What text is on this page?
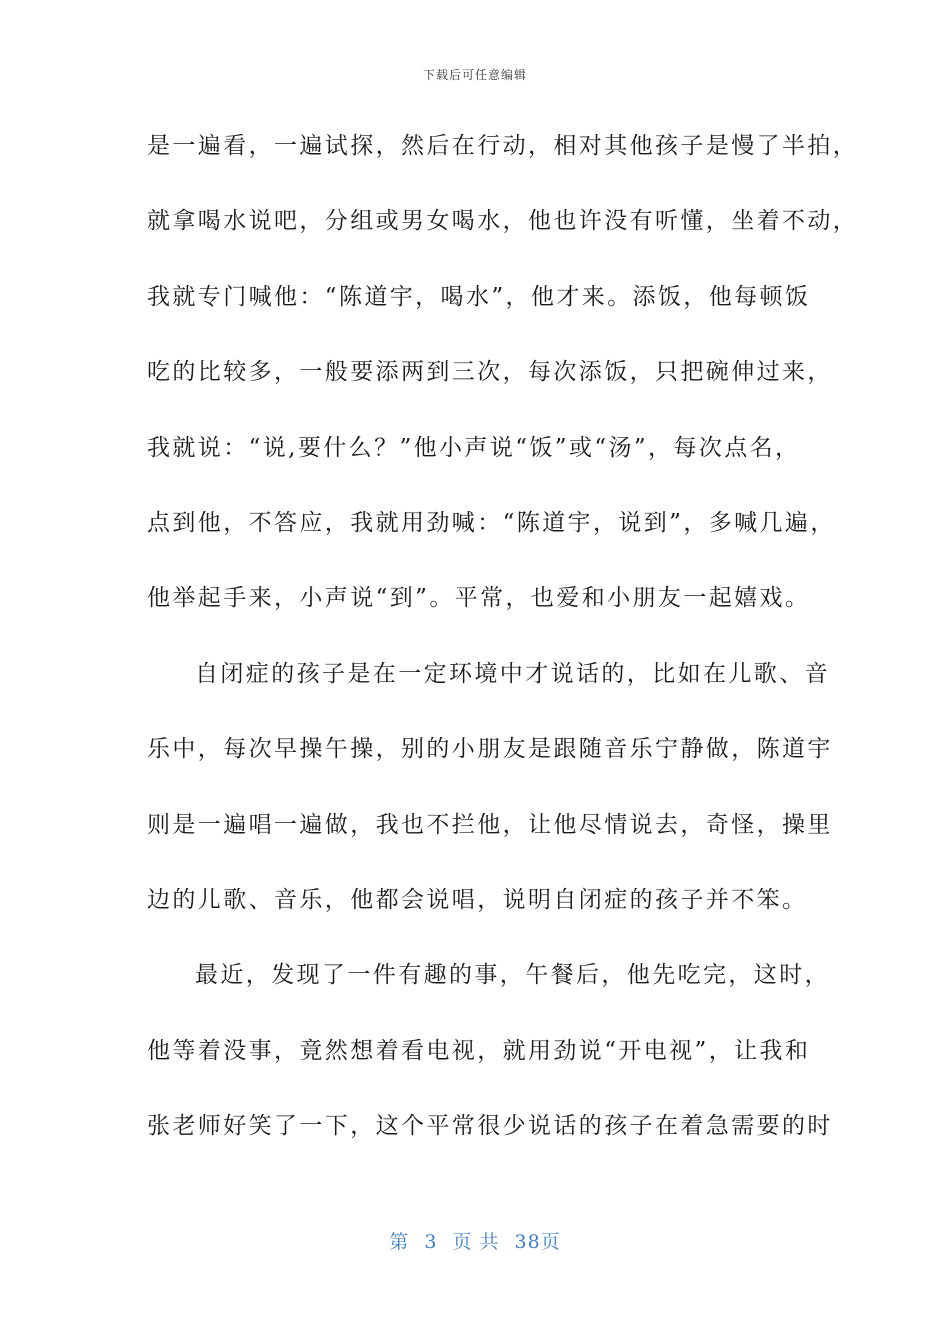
下载后可任意编辑
是一遍看，一遍试探，然后在行动，相对其他孩子是慢了半拍，
就拿喝水说吧，分组或男女喝水，他也许没有听懂，坐着不动，
我就专门喊他：“陈道宇，喝水”，他才来。添饭，他每顿饭
吃的比较多，一般要添两到三次，每次添饭，只把碗伸过来，
我就说：“说,要什么？”他小声说“饭”或“汤”，每次点名，
点到他，不答应，我就用劲喊：“陈道宇，说到”，多喊几遍，
他举起手来，小声说“到”。平常，也爱和小朋友一起嬉戏。
自闭症的孩子是在一定环境中才说话的，比如在儿歌、音
乐中，每次早操午操，别的小朋友是跟随音乐宁静做，陈道宇
则是一遍唱一遍做，我也不拦他，让他尽情说去，奇怪，操里
边的儿歌、音乐，他都会说唱，说明自闭症的孩子并不笨。
最近，发现了一件有趣的事，午餐后，他先吃完，这时，
他等着没事，竟然想着看电视，就用劲说“开电视”，让我和
张老师好笑了一下，这个平常很少说话的孩子在着急需要的时
第 3 页 共 38页
